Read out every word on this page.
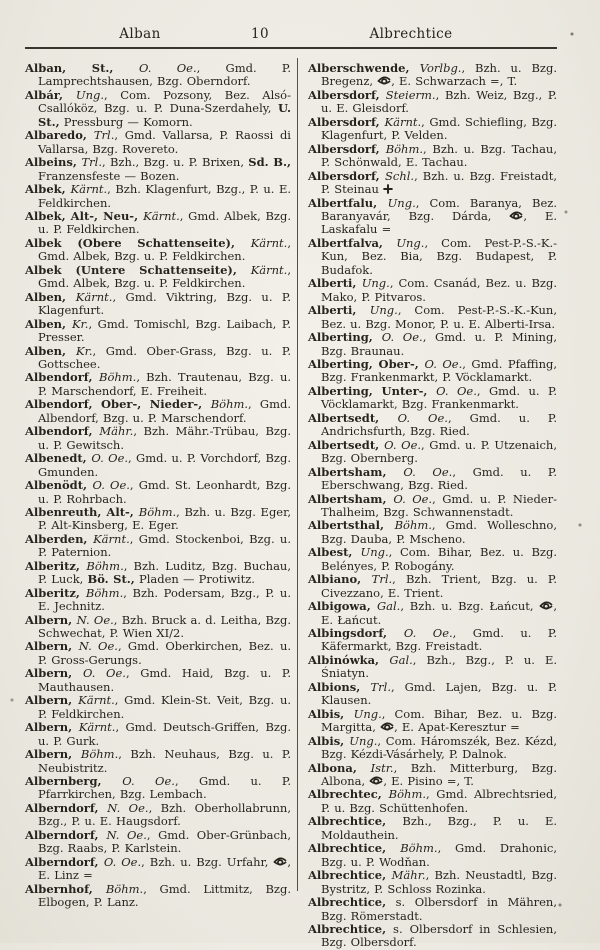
Alban	10	Albrechtice

Alban, St., O. Oe., Gmd. P. Lamprechtshausen, Bzg. Oberndorf.

Albár, Ung., Com. Pozsony, Bez. Alsó-Csallóköz, Bzg. u. P. Duna-Szerdahely, U. St., Pressburg — Komorn.

Albaredo, Trl., Gmd. Vallarsa, P. Raossi di Vallarsa, Bzg. Rovereto.

Albeins, Trl., Bzh., Bzg. u. P. Brixen, Sd. B., Franzensfeste — Bozen.

Albek, Kärnt., Bzh. Klagenfurt, Bzg., P. u. E. Feldkirchen.

Albek, Alt-, Neu-, Kärnt., Gmd. Albek, Bzg. u. P. Feldkirchen.

Albek (Obere Schattenseite), Kärnt., Gmd. Albek, Bzg. u. P. Feldkirchen.

Albek (Untere Schattenseite), Kärnt., Gmd. Albek, Bzg. u. P. Feldkirchen.

Alben, Kärnt., Gmd. Viktring, Bzg. u. P. Klagenfurt.

Alben, Kr., Gmd. Tomischl, Bzg. Laibach, P. Presser.

Alben, Kr., Gmd. Ober-Grass, Bzg. u. P. Gottschee.

Albendorf, Böhm., Bzh. Trautenau, Bzg. u. P. Marschendorf, E. Freiheit.

Albendorf, Ober-, Nieder-, Böhm., Gmd. Albendorf, Bzg. u. P. Marschendorf.

Albendorf, Mähr., Bzh. Mähr.-Trübau, Bzg. u. P. Gewitsch.

Albenedt, O. Oe., Gmd. u. P. Vorchdorf, Bzg. Gmunden.

Albenödt, O. Oe., Gmd. St. Leonhardt, Bzg. u. P. Rohrbach.

Albenreuth, Alt-, Böhm., Bzh. u. Bzg. Eger, P. Alt-Kinsberg, E. Eger.

Alberden, Kärnt., Gmd. Stockenboi, Bzg. u. P. Paternion.

Alberitz, Böhm., Bzh. Luditz, Bzg. Buchau, P. Luck, Bö. St., Pladen — Protiwitz.

Alberitz, Böhm., Bzh. Podersam, Bzg., P. u. E. Jechnitz.

Albern, N. Oe., Bzh. Bruck a. d. Leitha, Bzg. Schwechat, P. Wien XI/2.

Albern, N. Oe., Gmd. Oberkirchen, Bez. u. P. Gross-Gerungs.

Albern, O. Oe., Gmd. Haid, Bzg. u. P. Mauthausen.

Albern, Kärnt., Gmd. Klein-St. Veit, Bzg. u. P. Feldkirchen.

Albern, Kärnt., Gmd. Deutsch-Griffen, Bzg. u. P. Gurk.

Albern, Böhm., Bzh. Neuhaus, Bzg. u. P. Neubistritz.

Albernberg, O. Oe., Gmd. u. P. Pfarrkirchen, Bzg. Lembach.

Alberndorf, N. Oe., Bzh. Oberhollabrunn, Bzg., P. u. E. Haugsdorf.

Alberndorf, N. Oe., Gmd. Ober-Grünbach, Bzg. Raabs, P. Karlstein.

Alberndorf, O. Oe., Bzh. u. Bzg. Urfahr, , E. Linz =

Albernhof, Böhm., Gmd. Littmitz, Bzg. Elbogen, P. Lanz.

Alberschwende, Vorlbg., Bzh. u. Bzg. Bregenz, , E. Schwarzach =, T.

Albersdorf, Steierm., Bzh. Weiz, Bzg., P. u. E. Gleisdorf.

Albersdorf, Kärnt., Gmd. Schiefling, Bzg. Klagenfurt, P. Velden.

Albersdorf, Böhm., Bzh. u. Bzg. Tachau, P. Schönwald, E. Tachau.

Albersdorf, Schl., Bzh. u. Bzg. Freistadt, P. Steinau

Albertfalu, Ung., Com. Baranya, Bez. Baranyavár, Bzg. Dárda, , E. Laskafalu =

Albertfalva, Ung., Com. Pest-P.-S.-K.-Kun, Bez. Bia, Bzg. Budapest, P. Budafok.

Alberti, Ung., Com. Csanád, Bez. u. Bzg. Mako, P. Pitvaros.

Alberti, Ung., Com. Pest-P.-S.-K.-Kun, Bez. u. Bzg. Monor, P. u. E. Alberti-Irsa.

Alberting, O. Oe., Gmd. u. P. Mining, Bzg. Braunau.

Alberting, Ober-, O. Oe., Gmd. Pfaffing, Bzg. Frankenmarkt, P. Vöcklamarkt.

Alberting, Unter-, O. Oe., Gmd. u. P. Vöcklamarkt, Bzg. Frankenmarkt.

Albertsedt, O. Oe., Gmd. u. P. Andrichsfurth, Bzg. Ried.

Albertsedt, O. Oe., Gmd. u. P. Utzenaich, Bzg. Obernberg.

Albertsham, O. Oe., Gmd. u. P. Eberschwang, Bzg. Ried.

Albertsham, O. Oe., Gmd. u. P. Nieder-Thalheim, Bzg. Schwannenstadt.

Albertsthal, Böhm., Gmd. Wolleschno, Bzg. Dauba, P. Mscheno.

Albest, Ung., Com. Bihar, Bez. u. Bzg. Belényes, P. Robogány.

Albiano, Trl., Bzh. Trient, Bzg. u. P. Civezzano, E. Trient.

Albigowa, Gal., Bzh. u. Bzg. Łańcut, , E. Łańcut.

Albingsdorf, O. Oe., Gmd. u. P. Käfermarkt, Bzg. Freistadt.

Albinówka, Gal., Bzh., Bzg., P. u. E. Śniatyn.

Albions, Trl., Gmd. Lajen, Bzg. u. P. Klausen.

Albis, Ung., Com. Bihar, Bez. u. Bzg. Margitta, , E. Apat-Keresztur =

Albis, Ung., Com. Háromszék, Bez. Kézd, Bzg. Kézdi-Vásárhely, P. Dalnok.

Albona, Istr., Bzh. Mitterburg, Bzg. Albona, , E. Pisino =, T.

Albrechtec, Böhm., Gmd. Albrechtsried, P. u. Bzg. Schüttenhofen.

Albrechtice, Bzh., Bzg., P. u. E. Moldauthein.

Albrechtice, Böhm., Gmd. Drahonic, Bzg. u. P. Wodňan.

Albrechtice, Mähr., Bzh. Neustadtl, Bzg. Bystritz, P. Schloss Rozinka.

Albrechtice, s. Olbersdorf in Mähren, Bzg. Römerstadt.

Albrechtice, s. Olbersdorf in Schlesien, Bzg. Olbersdorf.
